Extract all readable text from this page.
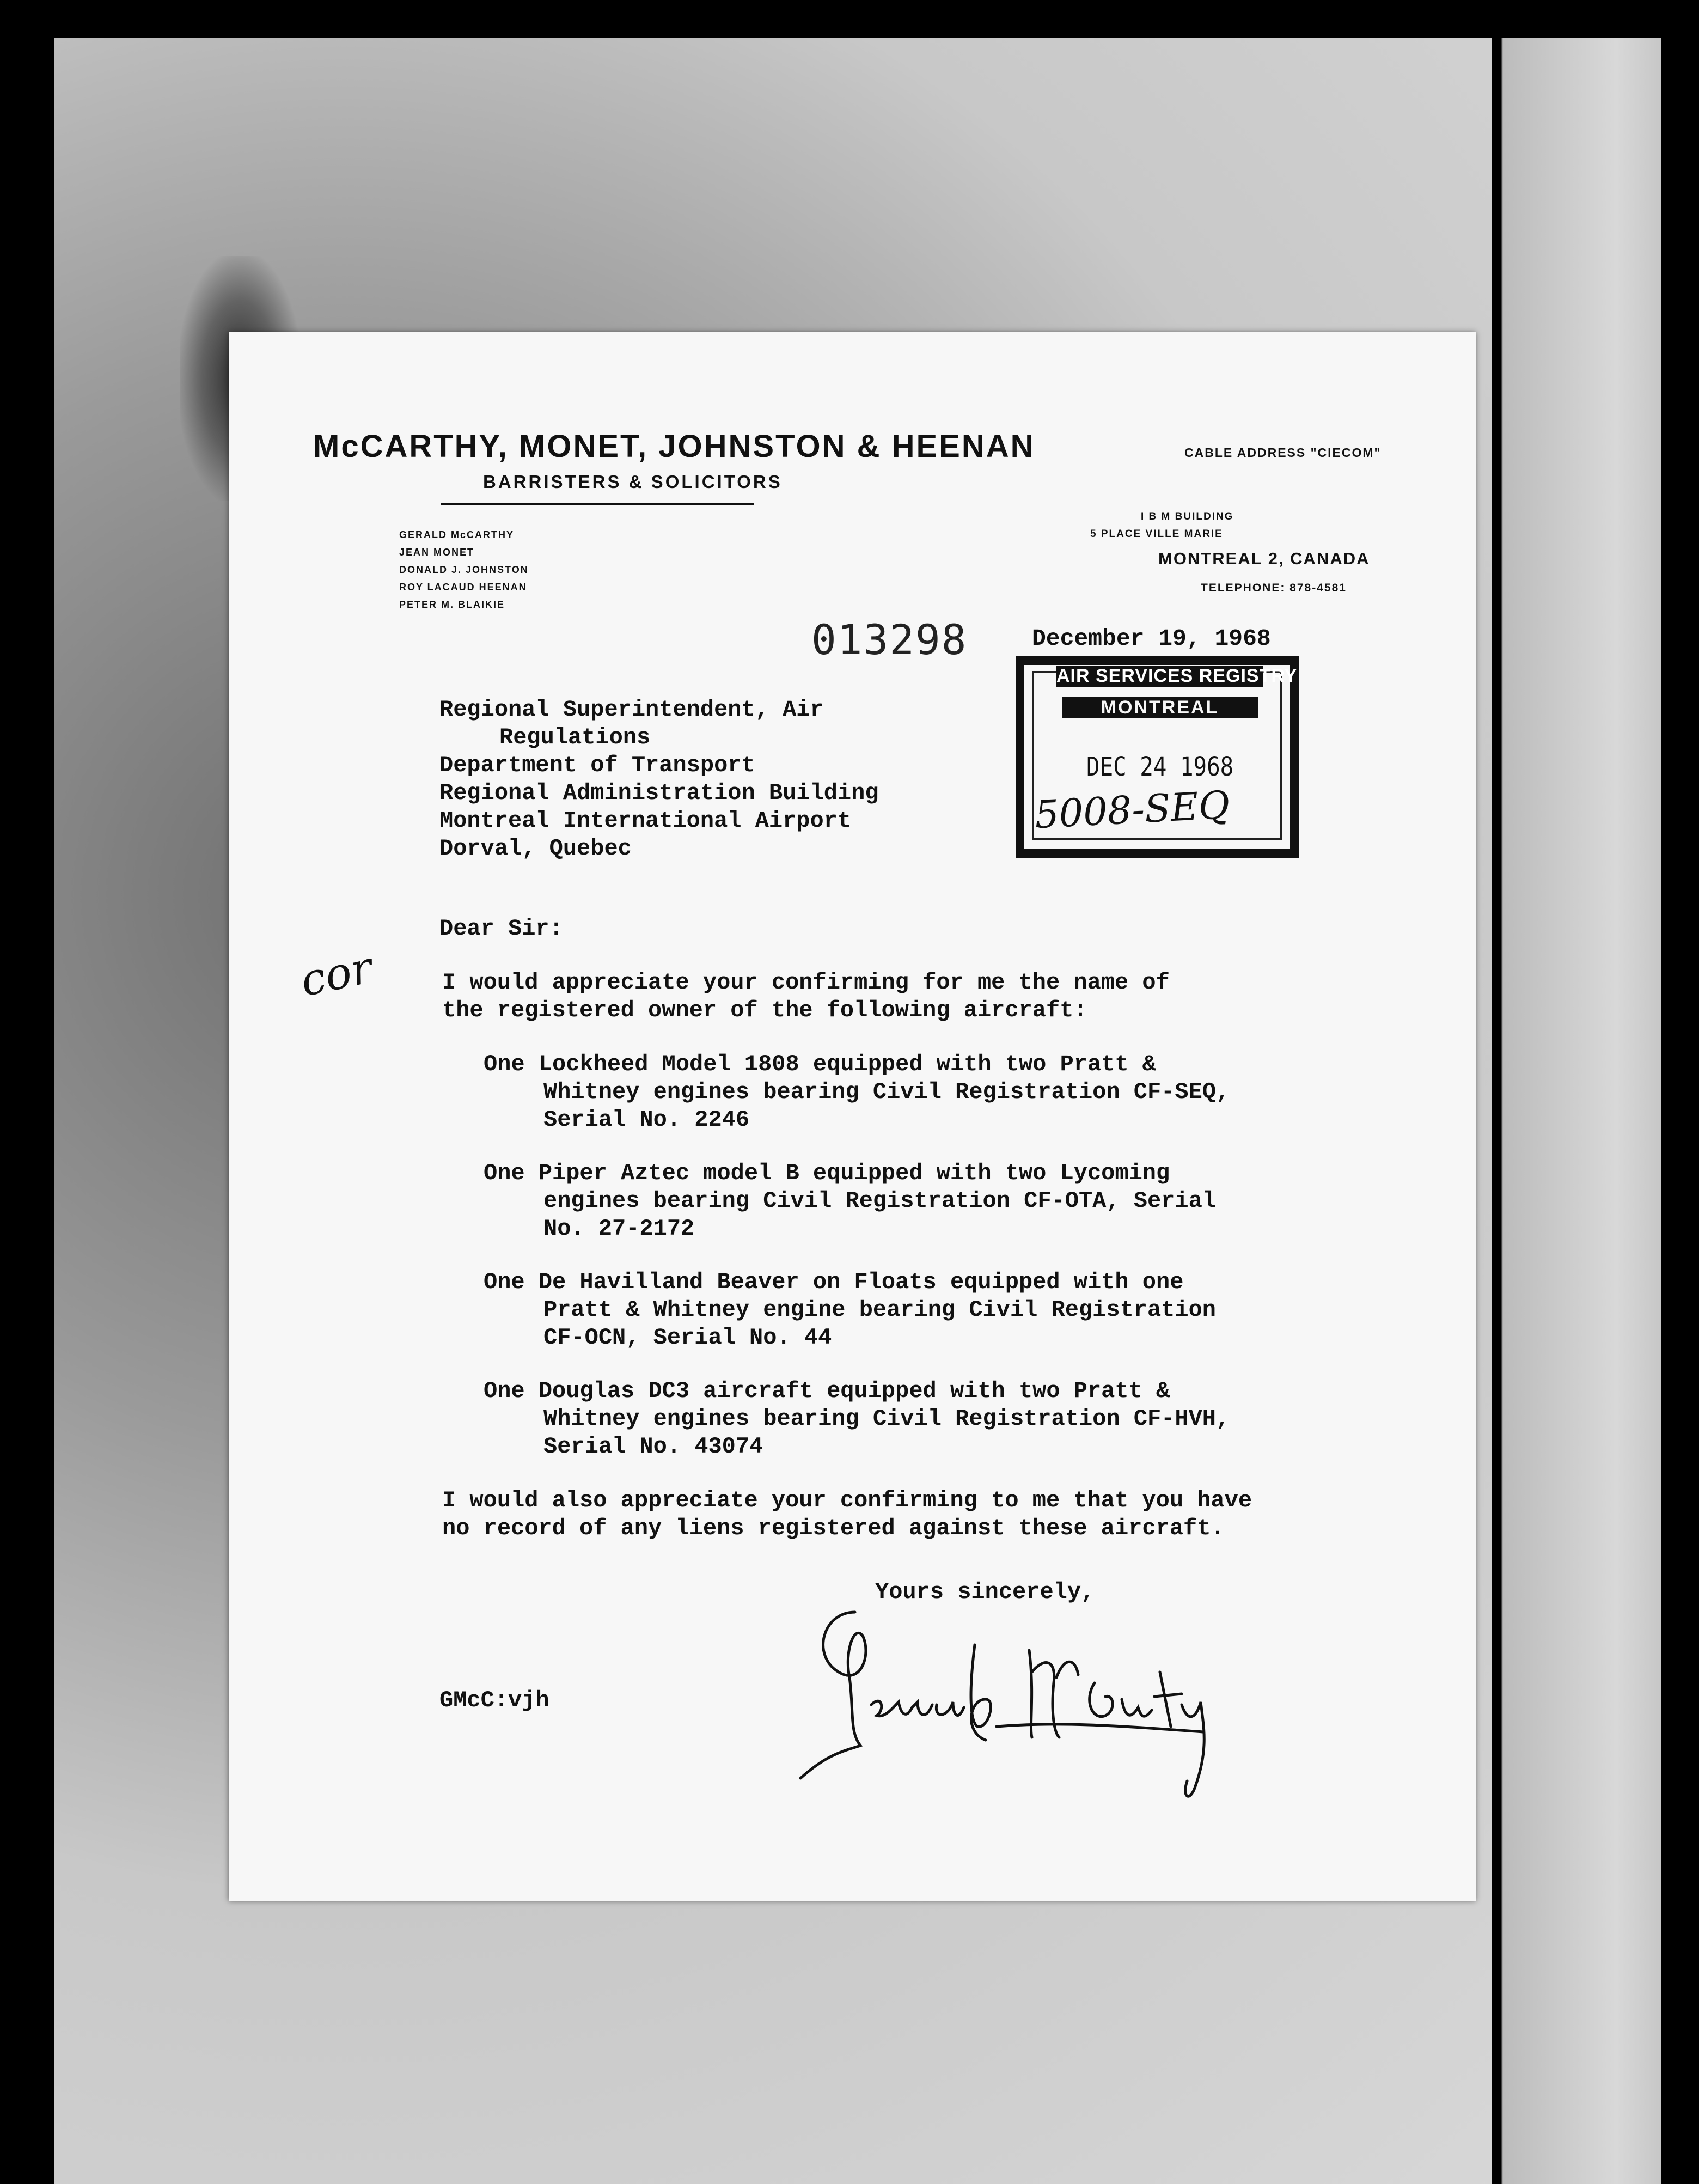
McCARTHY, MONET, JOHNSTON & HEENAN
BARRISTERS & SOLICITORS
CABLE ADDRESS "CIECOM"
GERALD McCARTHY
JEAN MONET
DONALD J. JOHNSTON
ROY LACAUD HEENAN
PETER M. BLAIKIE
I B M BUILDING
5 PLACE VILLE MARIE
MONTREAL 2, CANADA
TELEPHONE: 878-4581
013298	December 19, 1968
AIR SERVICES REGISTRY
MONTREAL
DEC 24 1968
5008-SEQ
Regional Superintendent, Air
Regulations
Department of Transport
Regional Administration Building
Montreal International Airport
Dorval, Quebec
cor
Dear Sir:
I would appreciate your confirming for me the name of
the registered owner of the following aircraft:
One Lockheed Model 1808 equipped with two Pratt &
Whitney engines bearing Civil Registration CF-SEQ,
Serial No. 2246
One Piper Aztec model B equipped with two Lycoming
engines bearing Civil Registration CF-OTA, Serial
No. 27-2172
One De Havilland Beaver on Floats equipped with one
Pratt & Whitney engine bearing Civil Registration
CF-OCN, Serial No. 44
One Douglas DC3 aircraft equipped with two Pratt &
Whitney engines bearing Civil Registration CF-HVH,
Serial No. 43074
I would also appreciate your confirming to me that you have
no record of any liens registered against these aircraft.
Yours sincerely,
GMcC:vjh
